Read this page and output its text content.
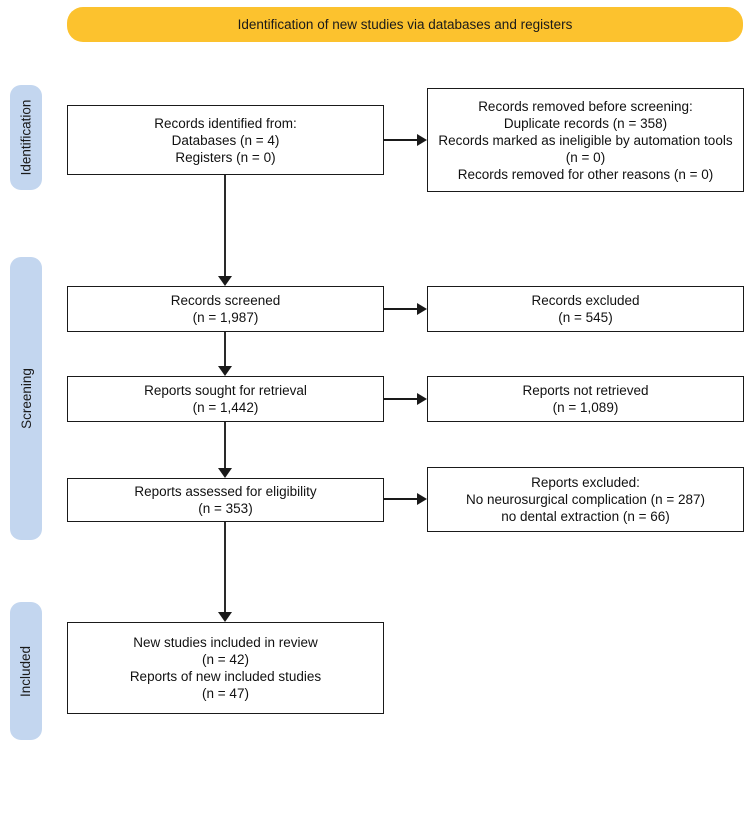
Identification of new studies via databases and registers
Identification
Screening
Included
Records identified from:
Databases (n = 4)
Registers (n = 0)
Records removed before screening:
Duplicate records (n = 358)
Records marked as ineligible by automation tools (n = 0)
Records removed for other reasons (n = 0)
Records screened
(n = 1,987)
Records excluded
(n = 545)
Reports sought for retrieval
(n = 1,442)
Reports not retrieved
(n = 1,089)
Reports assessed for eligibility
(n = 353)
Reports excluded:
No neurosurgical complication (n = 287)
no dental extraction (n = 66)
New studies included in review
(n = 42)
Reports of new included studies
(n = 47)
